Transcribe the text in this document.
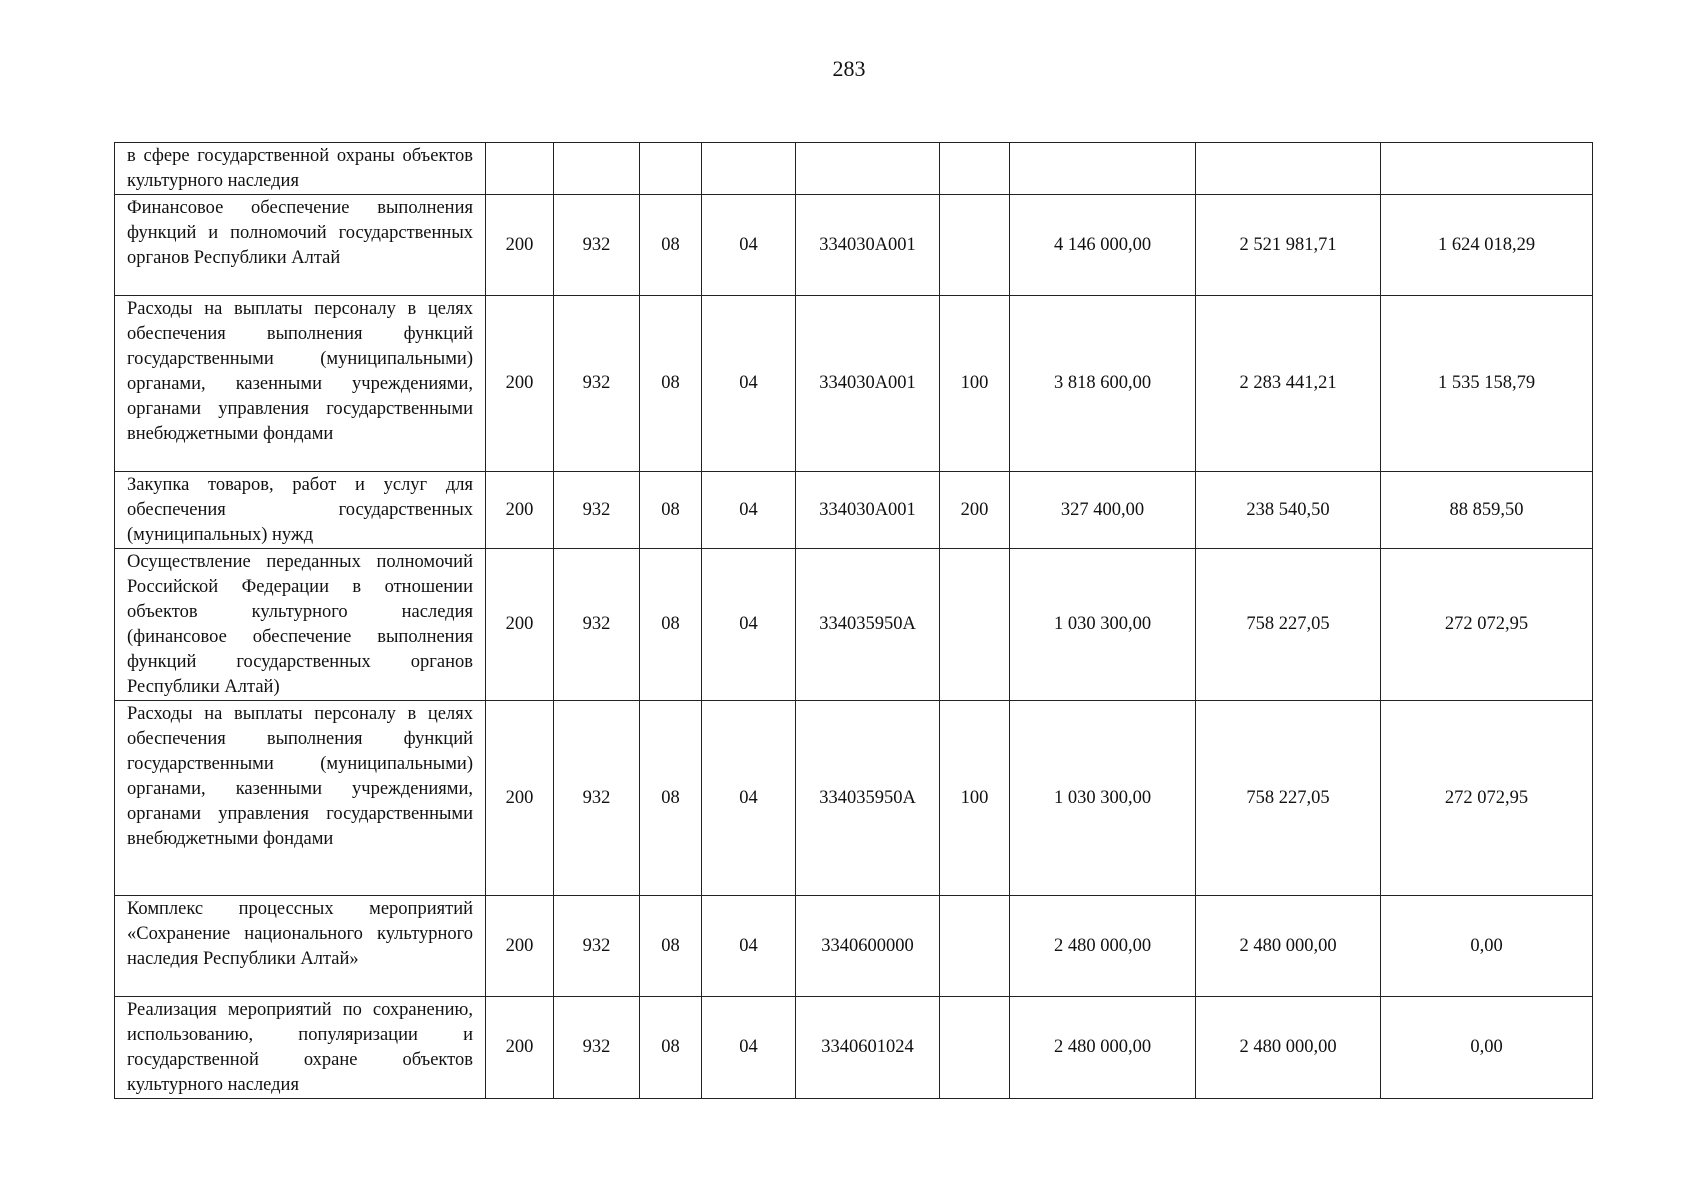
283
в сфере государственной охраны объектов культурного наследия									
Финансовое обеспечение выполнения функций и полномочий государственных органов Республики Алтай	200	932	08	04	334030А001		4 146 000,00	2 521 981,71	1 624 018,29
Расходы на выплаты персоналу в целях обеспечения выполнения функций государственными (муниципальными) органами, казенными учреждениями, органами управления государственными внебюджетными фондами	200	932	08	04	334030А001	100	3 818 600,00	2 283 441,21	1 535 158,79
Закупка товаров, работ и услуг для обеспечения государственных (муниципальных) нужд	200	932	08	04	334030А001	200	327 400,00	238 540,50	88 859,50
Осуществление переданных полномочий Российской Федерации в отношении объектов культурного наследия (финансовое обеспечение выполнения функций государственных органов Республики Алтай)	200	932	08	04	334035950А		1 030 300,00	758 227,05	272 072,95
Расходы на выплаты персоналу в целях обеспечения выполнения функций государственными (муниципальными) органами, казенными учреждениями, органами управления государственными внебюджетными фондами	200	932	08	04	334035950А	100	1 030 300,00	758 227,05	272 072,95
Комплекс процессных мероприятий «Сохранение национального культурного наследия Республики Алтай»	200	932	08	04	3340600000		2 480 000,00	2 480 000,00	0,00
Реализация мероприятий по сохранению, использованию, популяризации и государственной охране объектов культурного наследия	200	932	08	04	3340601024		2 480 000,00	2 480 000,00	0,00
